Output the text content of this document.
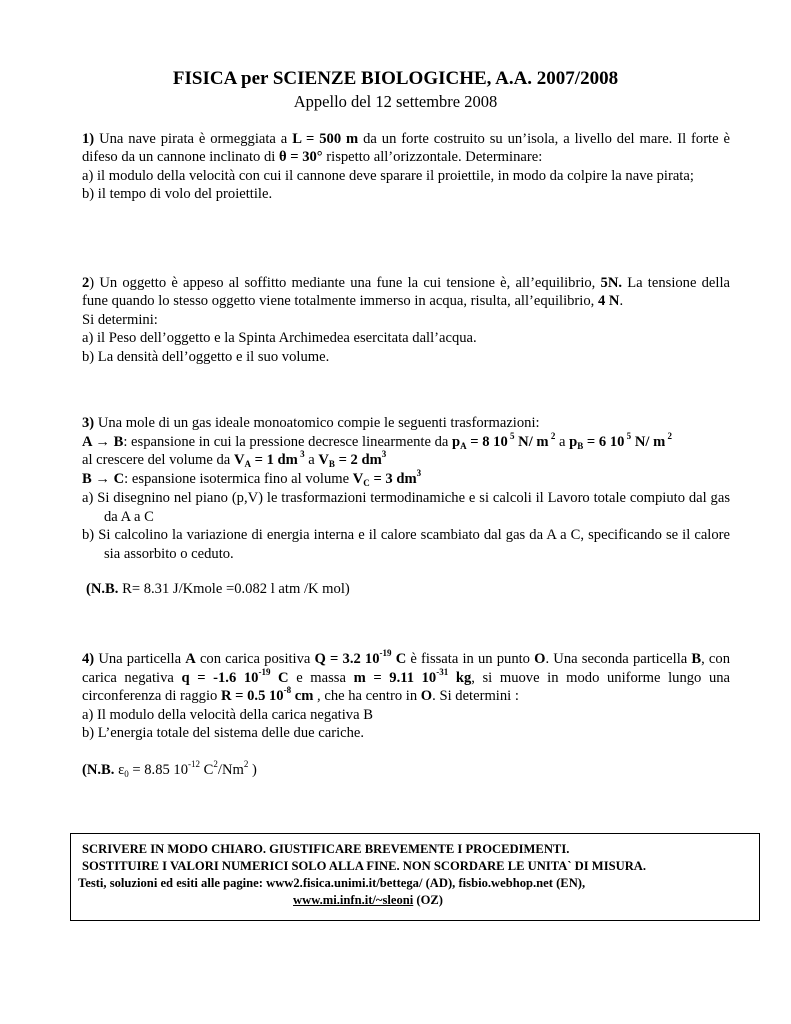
FISICA per SCIENZE BIOLOGICHE, A.A. 2007/2008
Appello del 12 settembre 2008

1) Una nave pirata è ormeggiata a L = 500 m da un forte costruito su un’isola, a livello del mare. Il forte è difeso da un cannone inclinato di θ = 30° rispetto all’orizzontale. Determinare:

a) il modulo della velocità con cui il cannone deve sparare il proiettile, in modo da colpire la nave pirata;

b) il tempo di volo del proiettile.

2) Un oggetto è appeso al soffitto mediante una fune la cui tensione è, all’equilibrio, 5N. La tensione della fune quando lo stesso oggetto viene totalmente immerso in acqua, risulta, all’equilibrio, 4 N.

Si determini:

a) il Peso dell’oggetto e la Spinta Archimedea esercitata dall’acqua.

b) La densità dell’oggetto e il suo volume.

3) Una mole di un gas ideale monoatomico compie le seguenti trasformazioni:

A → B: espansione in cui la pressione decresce linearmente da $p_A = 8$ 10 $^5$ N/ m $^2$ a $p_B = 6$ 10 $^5$ N/ m $^2$

al crescere del volume da $V_A = 1$ dm $^3$ a $V_B = 2$ $dm^3$

B → C: espansione isotermica fino al volume $V_C = 3$ $dm^3$

a) Si disegnino nel piano (p,V) le trasformazioni termodinamiche e si calcoli il Lavoro totale compiuto dal gas da A a C

b) Si calcolino la variazione di energia interna e il calore scambiato dal gas da A a C, specificando se il calore sia assorbito o ceduto.

(N.B. R= 8.31 J/Kmole =0.082 l atm /K mol)

4) Una particella A con carica positiva Q = 3.2 $10^{-19}$ C è fissata in un punto O. Una seconda particella B, con carica negativa q = -1.6 $10^{-19}$ C e massa m = 9.11 $10^{-31}$ kg, si muove in modo uniforme lungo una circonferenza di raggio R = 0.5 $10^{-8}$ cm , che ha centro in O. Si determini :

a) Il modulo della velocità della carica negativa B

b) L’energia totale del sistema delle due cariche.

(N.B. $\varepsilon_0 = 8.85$ $10^{-12}$ $C^2/Nm^2$ )

SCRIVERE IN MODO CHIARO. GIUSTIFICARE BREVEMENTE I PROCEDIMENTI.
SOSTITUIRE I VALORI NUMERICI SOLO ALLA FINE. NON SCORDARE LE UNITA` DI MISURA.
Testi, soluzioni ed esiti alle pagine: www2.fisica.unimi.it/bettega/ (AD), fisbio.webhop.net (EN),
www.mi.infn.it/~sleoni (OZ)
